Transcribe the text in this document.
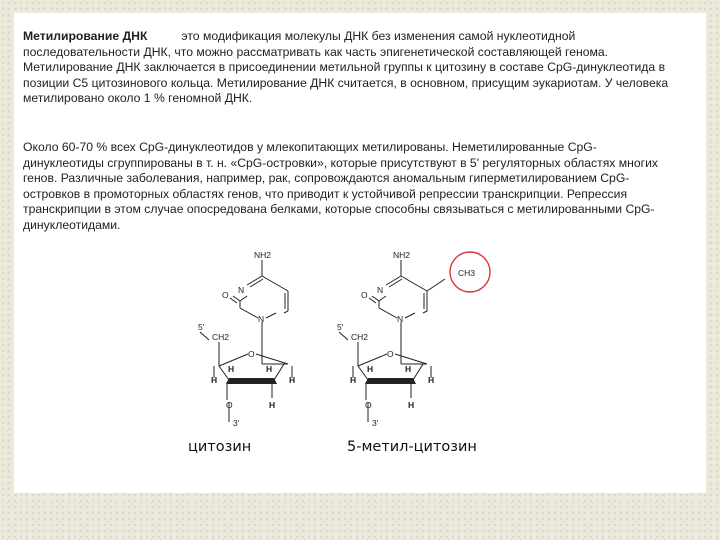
Метилирование ДНК	это модификация молекулы ДНК без изменения самой нуклеотидной последовательности ДНК, что можно рассматривать как часть эпигенетической составляющей генома. Метилирование ДНК заключается в присоединении метильной группы к цитозину в составе CpG-динуклеотида в позиции C5 цитозинового кольца. Метилирование ДНК считается, в основном, присущим эукариотам. У человека метилировано около 1 % геномной ДНК.

Около 60-70 % всех CpG-динуклеотидов у млекопитающих метилированы. Неметилированные CpG-динуклеотиды сгруппированы в т. н. «CpG-островки», которые присутствуют в 5' регуляторных областях многих генов. Различные заболевания, например, рак, сопровождаются аномальным гиперметилированием CpG-островков в промоторных областях генов, что приводит к устойчивой репрессии транскрипции. Репрессия транскрипции в этом случае опосредована белками, которые способны связываться с метилированными CpG-динуклеотидами.

NH2
N
N
O
5'
CH2
O
H
H	H
H
H
O
3'
цитозин
NH2
CH3
N
N
O
5'
CH2
O
H
H	H
H
H
O
3'
5-метил-цитозин
